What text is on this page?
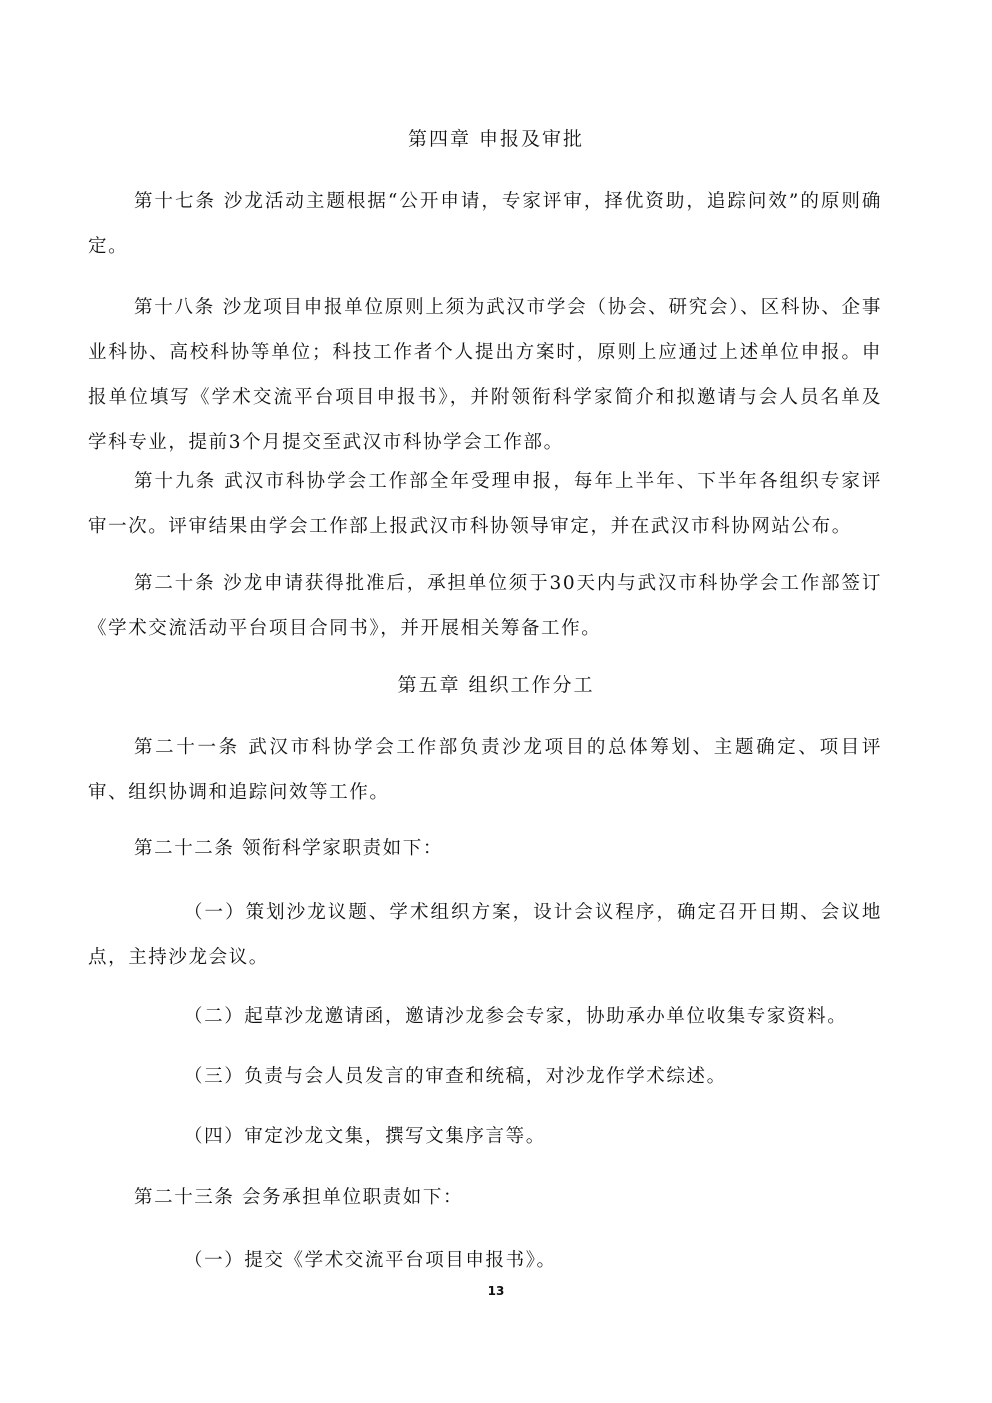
第四章 申报及审批

第十七条 沙龙活动主题根据“公开申请，专家评审，择优资助，追踪问效”的原则确定。

第十八条 沙龙项目申报单位原则上须为武汉市学会（协会、研究会）、区科协、企事业科协、高校科协等单位；科技工作者个人提出方案时，原则上应通过上述单位申报。申报单位填写《学术交流平台项目申报书》，并附领衔科学家简介和拟邀请与会人员名单及学科专业，提前3个月提交至武汉市科协学会工作部。

第十九条 武汉市科协学会工作部全年受理申报，每年上半年、下半年各组织专家评审一次。评审结果由学会工作部上报武汉市科协领导审定，并在武汉市科协网站公布。

第二十条 沙龙申请获得批准后，承担单位须于30天内与武汉市科协学会工作部签订《学术交流活动平台项目合同书》，并开展相关筹备工作。

第五章 组织工作分工

第二十一条 武汉市科协学会工作部负责沙龙项目的总体筹划、主题确定、项目评审、组织协调和追踪问效等工作。

第二十二条 领衔科学家职责如下：

（一）策划沙龙议题、学术组织方案，设计会议程序，确定召开日期、会议地点，主持沙龙会议。

（二）起草沙龙邀请函，邀请沙龙参会专家，协助承办单位收集专家资料。

（三）负责与会人员发言的审查和统稿，对沙龙作学术综述。

（四）审定沙龙文集，撰写文集序言等。

第二十三条 会务承担单位职责如下：

（一）提交《学术交流平台项目申报书》。

13
